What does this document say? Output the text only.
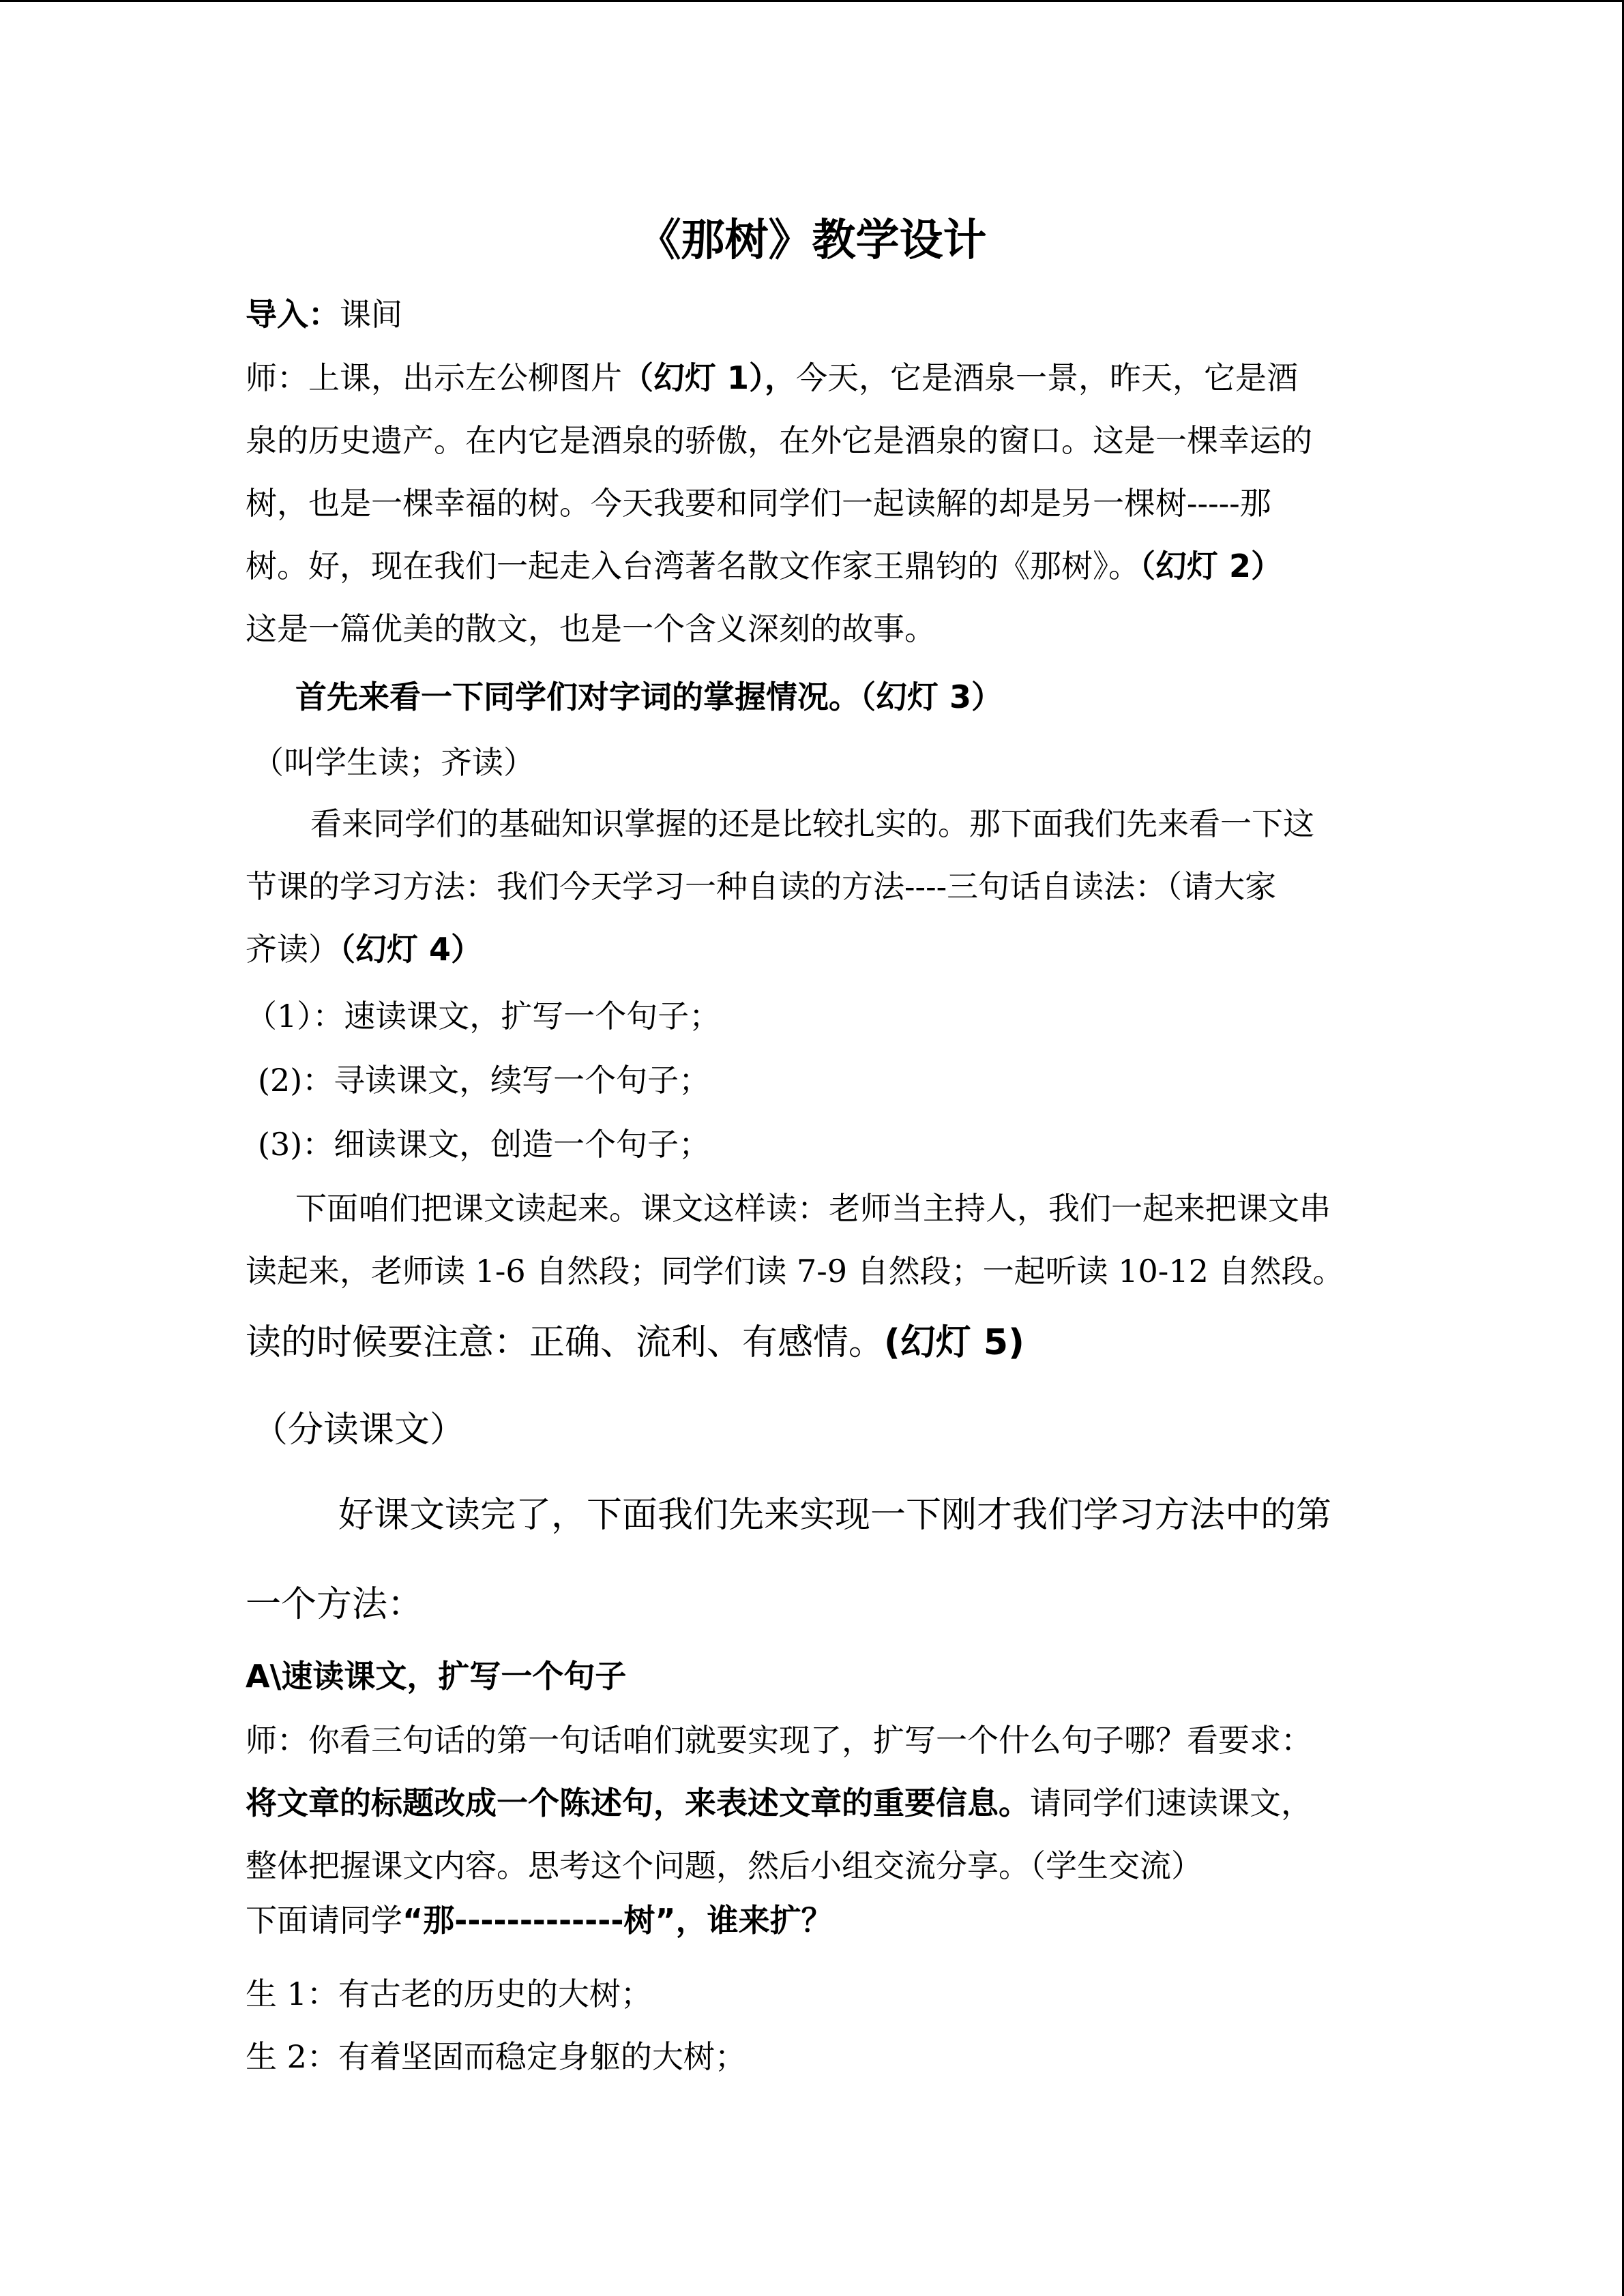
《那树》教学设计
导入：课间
师：上课，出示左公柳图片（幻灯 1），今天，它是酒泉一景，昨天，它是酒
泉的历史遗产。在内它是酒泉的骄傲，在外它是酒泉的窗口。这是一棵幸运的
树，也是一棵幸福的树。今天我要和同学们一起读解的却是另一棵树-----那
树。好，现在我们一起走入台湾著名散文作家王鼎钧的《那树》。（幻灯 2）
这是一篇优美的散文，也是一个含义深刻的故事。
首先来看一下同学们对字词的掌握情况。（幻灯 3）
（叫学生读；齐读）
看来同学们的基础知识掌握的还是比较扎实的。那下面我们先来看一下这
节课的学习方法：我们今天学习一种自读的方法----三句话自读法：（请大家
齐读）（幻灯 4）
（1）：速读课文，扩写一个句子；
(2)：寻读课文，续写一个句子；
(3)：细读课文，创造一个句子；
下面咱们把课文读起来。课文这样读：老师当主持人，我们一起来把课文串
读起来，老师读 1-6 自然段；同学们读 7-9 自然段；一起听读 10-12 自然段。
读的时候要注意：正确、流利、有感情。(幻灯 5)
（分读课文）
好课文读完了，下面我们先来实现一下刚才我们学习方法中的第
一个方法：
A\速读课文，扩写一个句子
师：你看三句话的第一句话咱们就要实现了，扩写一个什么句子哪？看要求：
将文章的标题改成一个陈述句，来表述文章的重要信息。请同学们速读课文，
整体把握课文内容。思考这个问题，然后小组交流分享。（学生交流）
下面请同学“那-------------树”，谁来扩？
生 1：有古老的历史的大树；
生 2：有着坚固而稳定身躯的大树；
